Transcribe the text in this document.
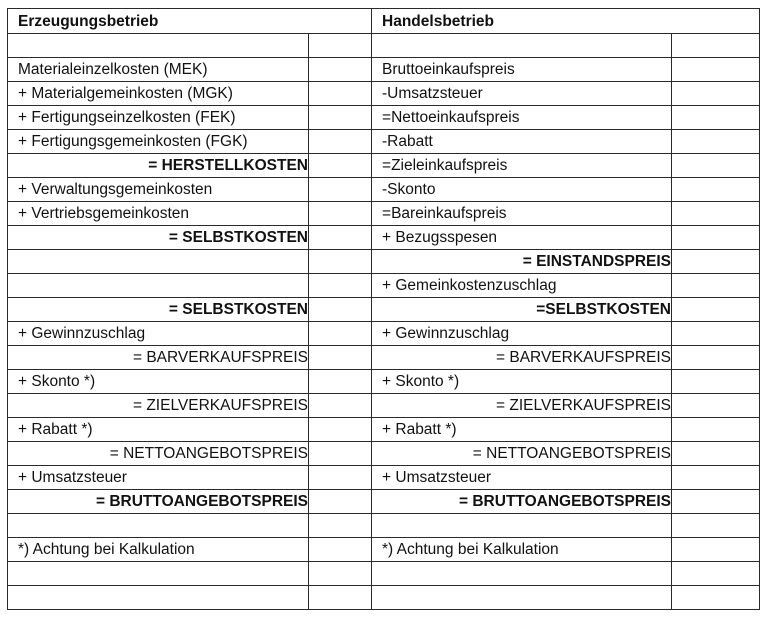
Erzeugungsbetrieb		Handelsbetrieb	

Materialeinzelkosten (MEK)		Bruttoeinkaufspreis	
+ Materialgemeinkosten (MGK)		-Umsatzsteuer	
+ Fertigungseinzelkosten (FEK)		=Nettoeinkaufspreis	
+ Fertigungsgemeinkosten (FGK)		-Rabatt	
= HERSTELLKOSTEN		=Zieleinkaufspreis	
+ Verwaltungsgemeinkosten		-Skonto	
+ Vertriebsgemeinkosten		=Bareinkaufspreis	
= SELBSTKOSTEN		+ Bezugsspesen	
		= EINSTANDSPREIS	
		+ Gemeinkostenzuschlag	
= SELBSTKOSTEN		=SELBSTKOSTEN	
+ Gewinnzuschlag		+ Gewinnzuschlag	
= BARVERKAUFSPREIS		= BARVERKAUFSPREIS	
+ Skonto *)		+ Skonto *)	
= ZIELVERKAUFSPREIS		= ZIELVERKAUFSPREIS	
+ Rabatt *)		+ Rabatt *)	
= NETTOANGEBOTSPREIS		= NETTOANGEBOTSPREIS	
+ Umsatzsteuer		+ Umsatzsteuer	
= BRUTTOANGEBOTSPREIS		= BRUTTOANGEBOTSPREIS	

*) Achtung bei Kalkulation		*) Achtung bei Kalkulation	
